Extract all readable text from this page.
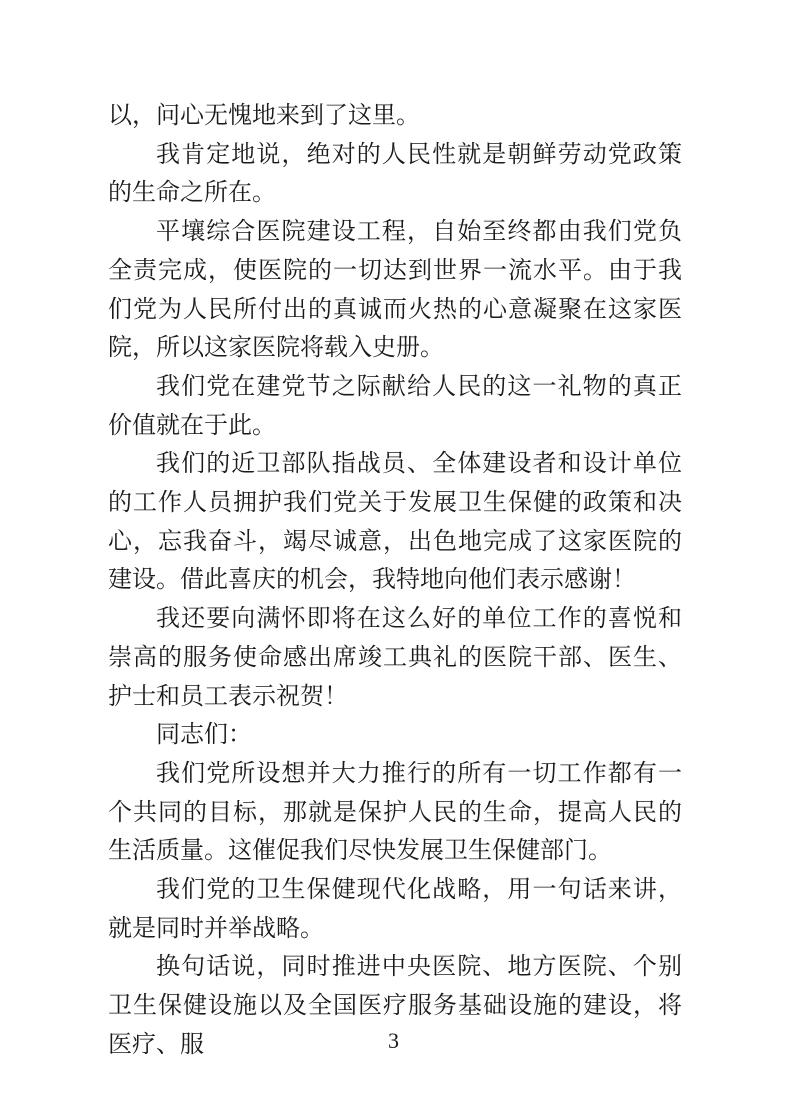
以，问心无愧地来到了这里。

我肯定地说，绝对的人民性就是朝鲜劳动党政策的生命之所在。

平壤综合医院建设工程，自始至终都由我们党负全责完成，使医院的一切达到世界一流水平。由于我们党为人民所付出的真诚而火热的心意凝聚在这家医院，所以这家医院将载入史册。

我们党在建党节之际献给人民的这一礼物的真正价值就在于此。

我们的近卫部队指战员、全体建设者和设计单位的工作人员拥护我们党关于发展卫生保健的政策和决心，忘我奋斗，竭尽诚意，出色地完成了这家医院的建设。借此喜庆的机会，我特地向他们表示感谢！

我还要向满怀即将在这么好的单位工作的喜悦和崇高的服务使命感出席竣工典礼的医院干部、医生、护士和员工表示祝贺！

同志们：

我们党所设想并大力推行的所有一切工作都有一个共同的目标，那就是保护人民的生命，提高人民的生活质量。这催促我们尽快发展卫生保健部门。

我们党的卫生保健现代化战略，用一句话来讲，就是同时并举战略。

换句话说，同时推进中央医院、地方医院、个别卫生保健设施以及全国医疗服务基础设施的建设，将医疗、服	3
